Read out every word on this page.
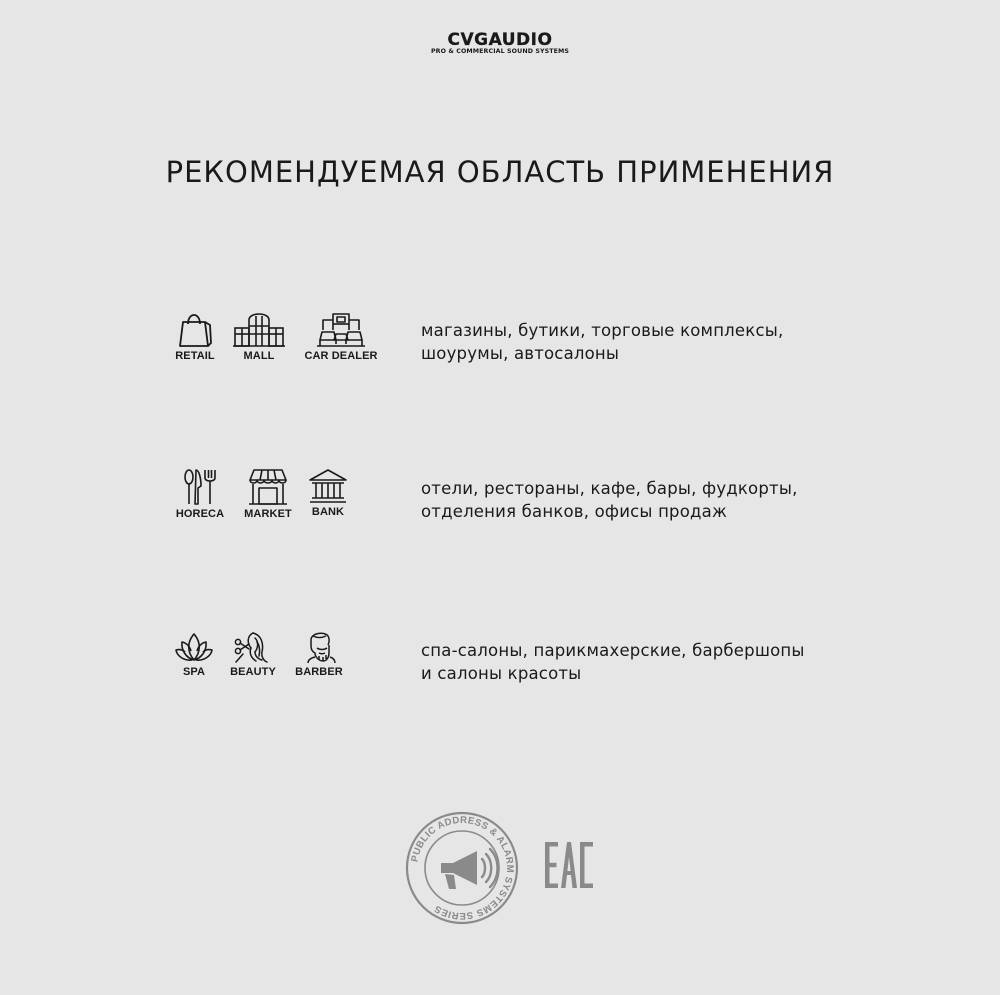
CVGAUDIO
PRO & COMMERCIAL SOUND SYSTEMS
РЕКОМЕНДУЕМАЯ ОБЛАСТЬ ПРИМЕНЕНИЯ
RETAIL	MALL	CAR DEALER
магазины, бутики, торговые комплексы,
шоурумы, автосалоны
HORECA	MARKET	BANK
отели, рестораны, кафе, бары, фудкорты,
отделения банков, офисы продаж
SPA	BEAUTY	BARBER
спа-салоны, парикмахерские, барбершопы
и салоны красоты
PUBLIC ADDRESS & ALARM SYSTEMS SERIES
